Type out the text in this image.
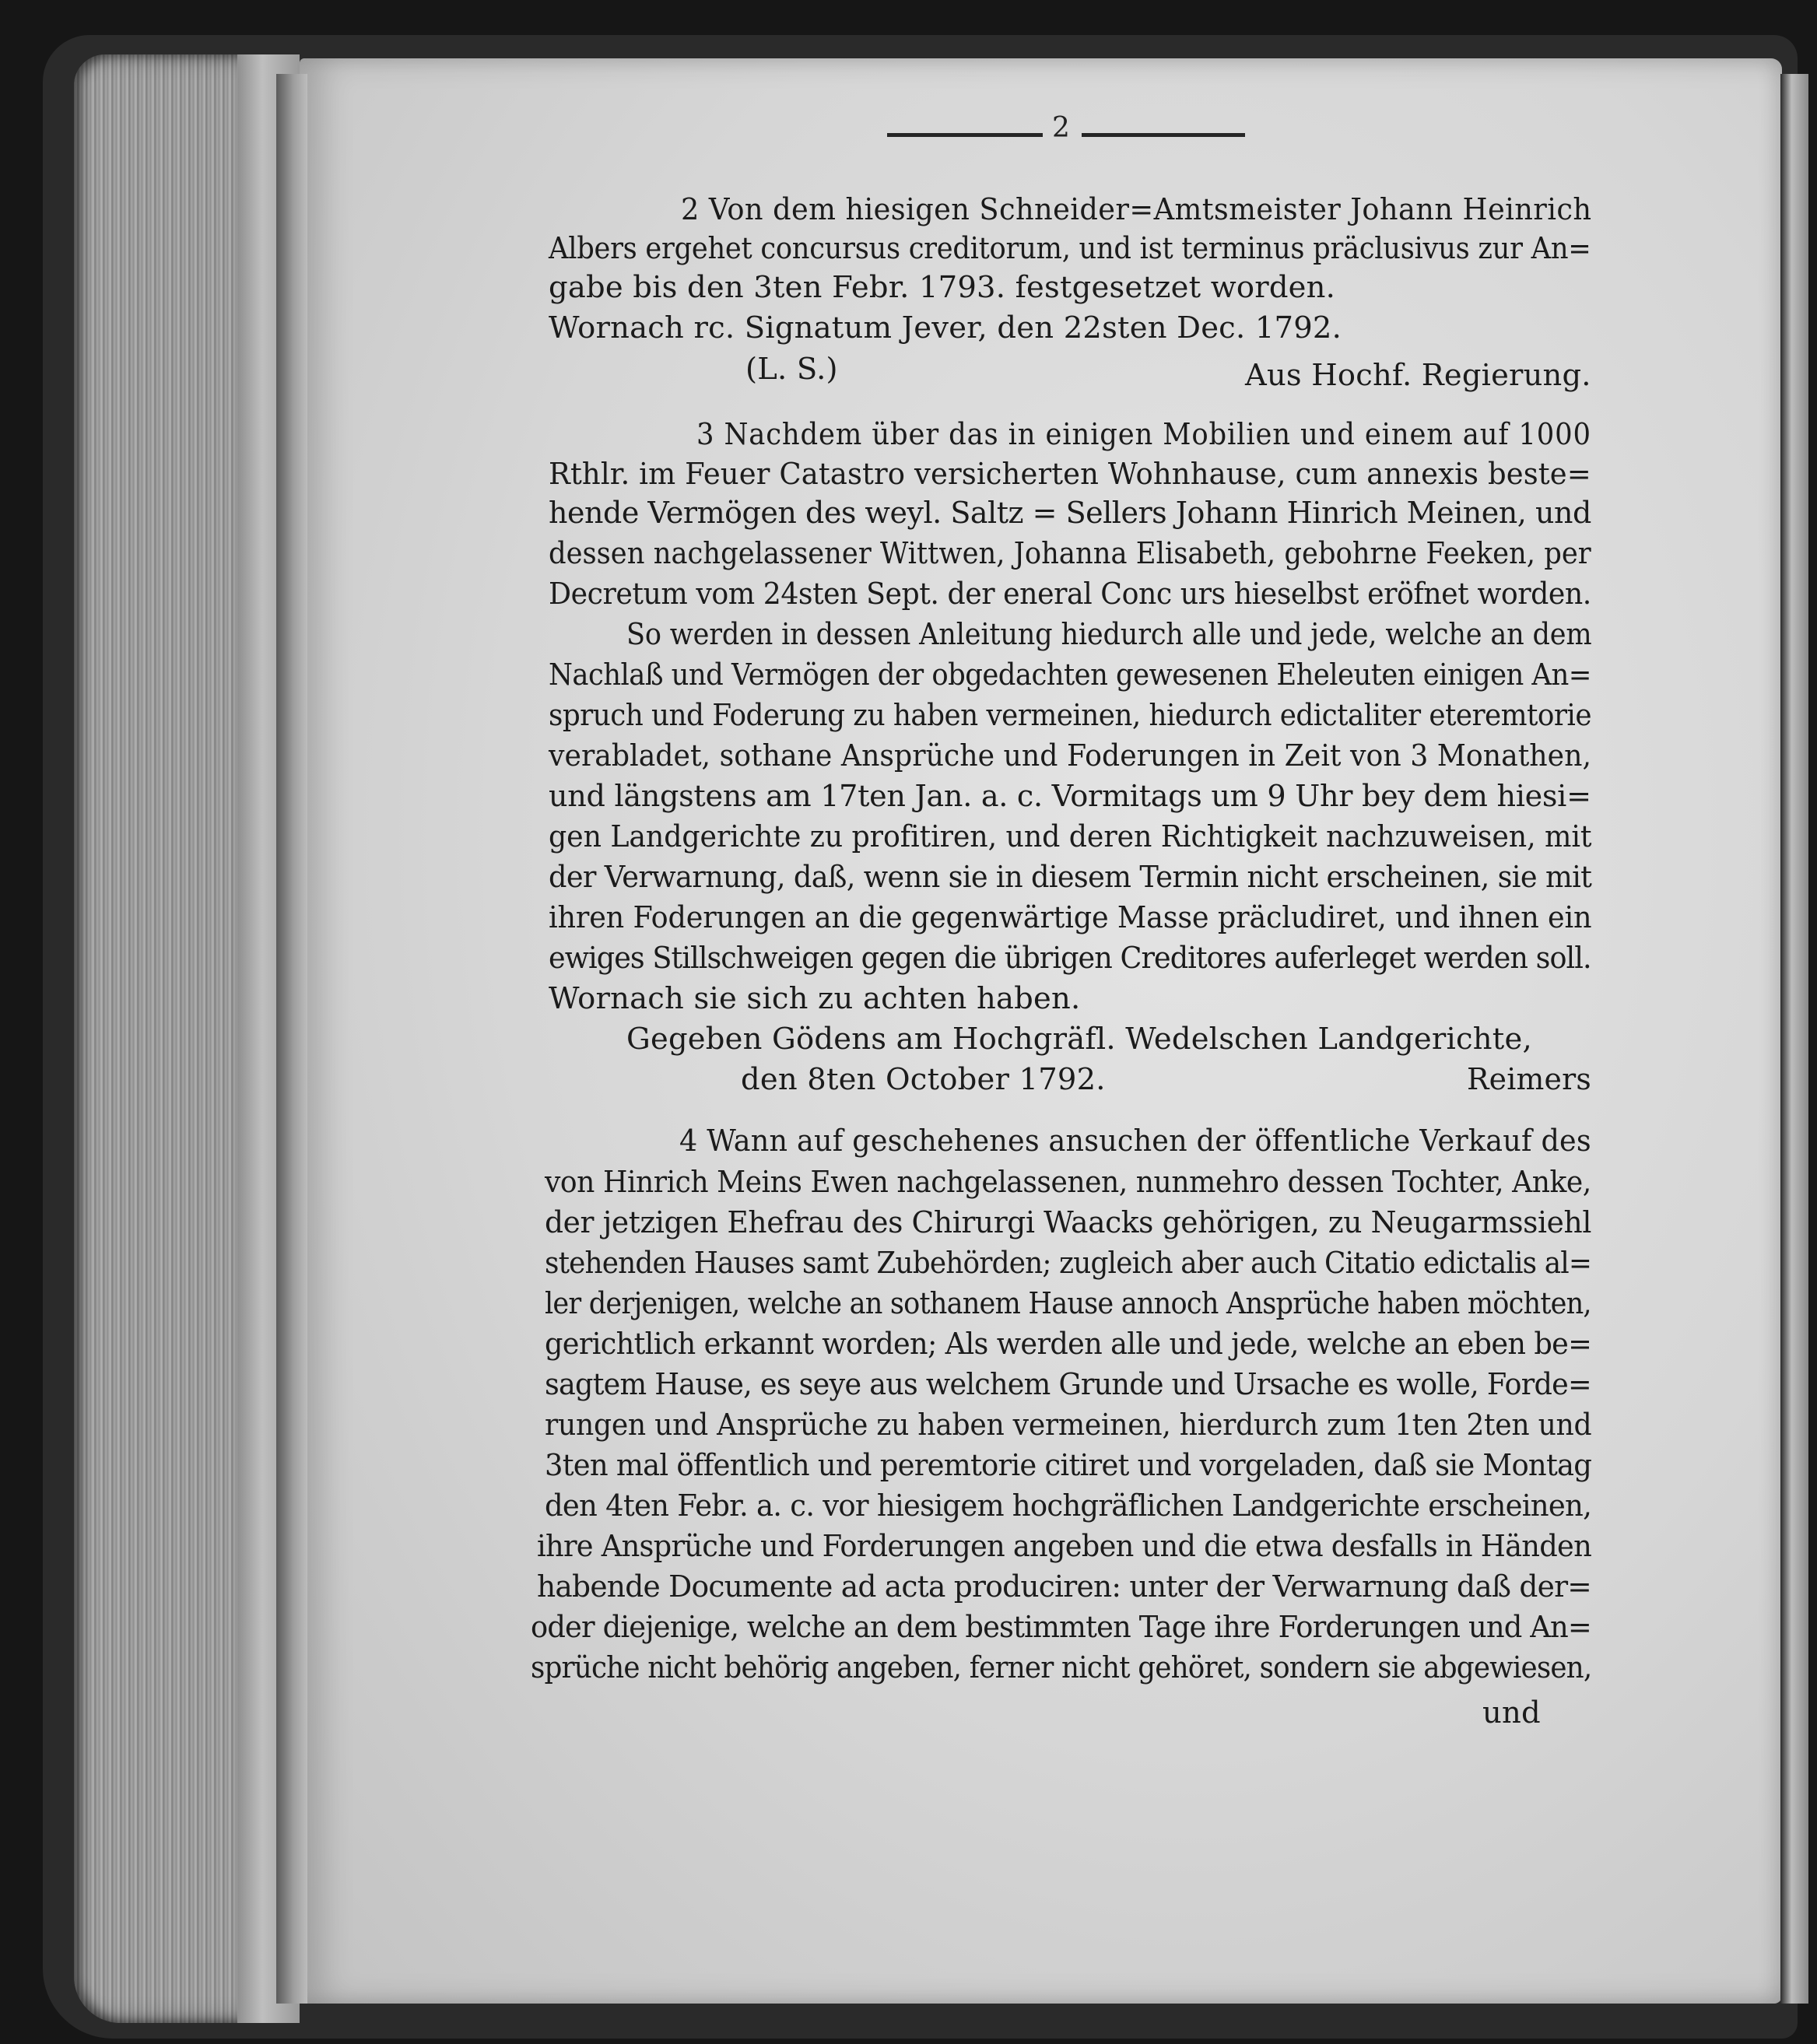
2
2 Von dem hiesigen Schneider=Amtsmeister Johann Heinrich
Albers ergehet concursus creditorum, und ist terminus präclusivus zur An=
gabe bis den 3ten Febr. 1793. festgesetzet worden.
Wornach rc. Signatum Jever, den 22sten Dec. 1792.
(L. S.)	Aus Hochf. Regierung.
3 Nachdem über das in einigen Mobilien und einem auf 1000
Rthlr. im Feuer Catastro versicherten Wohnhause, cum annexis beste=
hende Vermögen des weyl. Saltz = Sellers Johann Hinrich Meinen, und
dessen nachgelassener Wittwen, Johanna Elisabeth, gebohrne Feeken, per
Decretum vom 24sten Sept. der eneral Conc urs hieselbst eröfnet worden.
So werden in dessen Anleitung hiedurch alle und jede, welche an dem
Nachlaß und Vermögen der obgedachten gewesenen Eheleuten einigen An=
spruch und Foderung zu haben vermeinen, hiedurch edictaliter eteremtorie
verabladet, sothane Ansprüche und Foderungen in Zeit von 3 Monathen,
und längstens am 17ten Jan. a. c. Vormitags um 9 Uhr bey dem hiesi=
gen Landgerichte zu profitiren, und deren Richtigkeit nachzuweisen, mit
der Verwarnung, daß, wenn sie in diesem Termin nicht erscheinen, sie mit
ihren Foderungen an die gegenwärtige Masse präcludiret, und ihnen ein
ewiges Stillschweigen gegen die übrigen Creditores auferleget werden soll.
Wornach sie sich zu achten haben.
Gegeben Gödens am Hochgräfl. Wedelschen Landgerichte,
den 8ten October 1792.	Reimers
4 Wann auf geschehenes ansuchen der öffentliche Verkauf des
von Hinrich Meins Ewen nachgelassenen, nunmehro dessen Tochter, Anke,
der jetzigen Ehefrau des Chirurgi Waacks gehörigen, zu Neugarmssiehl
stehenden Hauses samt Zubehörden; zugleich aber auch Citatio edictalis al=
ler derjenigen, welche an sothanem Hause annoch Ansprüche haben möchten,
gerichtlich erkannt worden; Als werden alle und jede, welche an eben be=
sagtem Hause, es seye aus welchem Grunde und Ursache es wolle, Forde=
rungen und Ansprüche zu haben vermeinen, hierdurch zum 1ten 2ten und
3ten mal öffentlich und peremtorie citiret und vorgeladen, daß sie Montag
den 4ten Febr. a. c. vor hiesigem hochgräflichen Landgerichte erscheinen,
ihre Ansprüche und Forderungen angeben und die etwa desfalls in Händen
habende Documente ad acta produciren: unter der Verwarnung daß der=
oder diejenige, welche an dem bestimmten Tage ihre Forderungen und An=
sprüche nicht behörig angeben, ferner nicht gehöret, sondern sie abgewiesen,
und
